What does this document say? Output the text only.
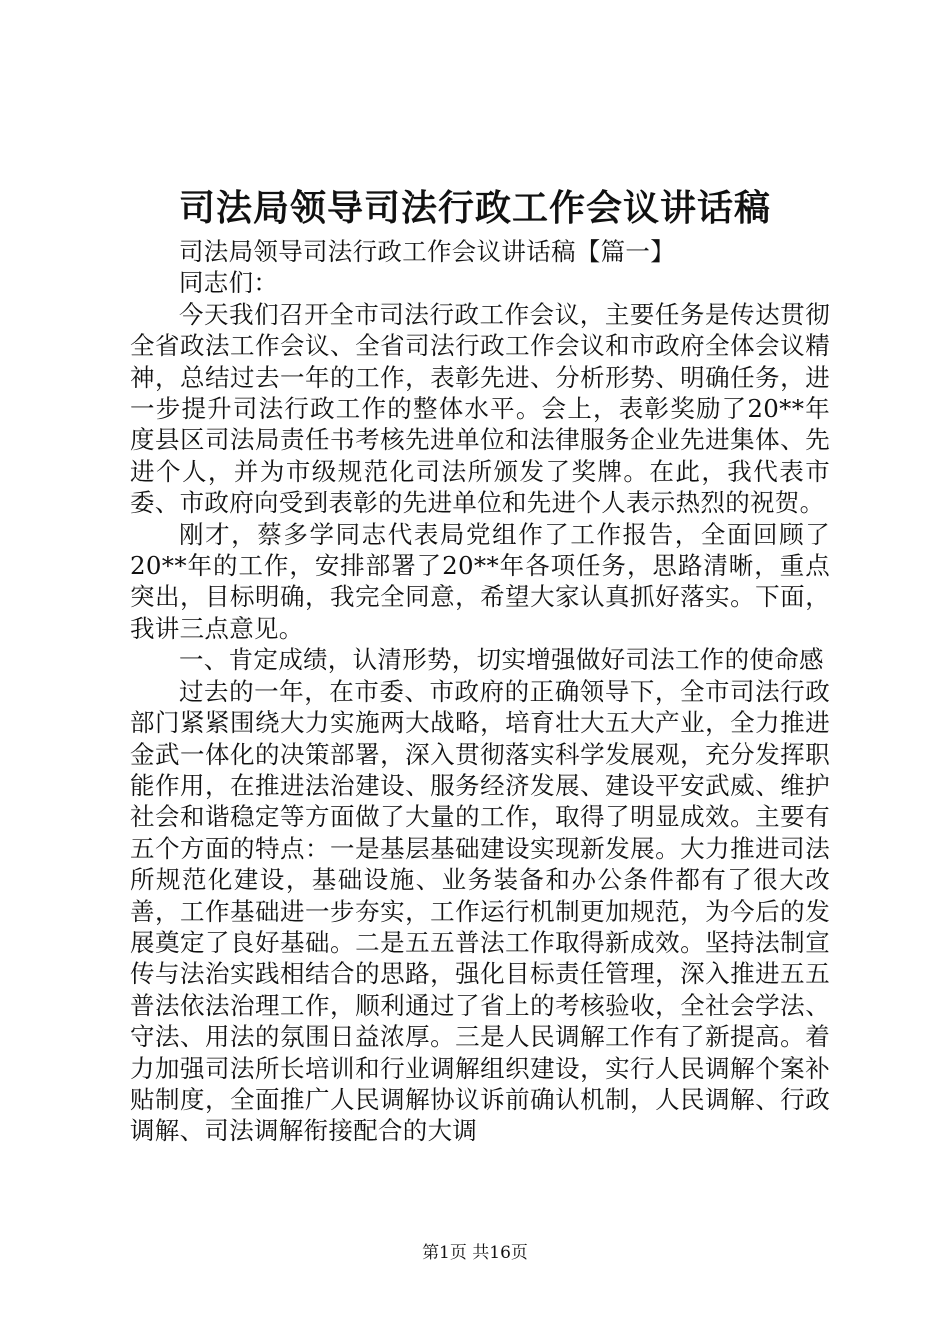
司法局领导司法行政工作会议讲话稿

司法局领导司法行政工作会议讲话稿【篇一】

同志们：

今天我们召开全市司法行政工作会议，主要任务是传达贯彻全省政法工作会议、全省司法行政工作会议和市政府全体会议精神，总结过去一年的工作，表彰先进、分析形势、明确任务，进一步提升司法行政工作的整体水平。会上，表彰奖励了20**年度县区司法局责任书考核先进单位和法律服务企业先进集体、先进个人，并为市级规范化司法所颁发了奖牌。在此，我代表市委、市政府向受到表彰的先进单位和先进个人表示热烈的祝贺。

刚才，蔡多学同志代表局党组作了工作报告，全面回顾了20**年的工作，安排部署了20**年各项任务，思路清晰，重点突出，目标明确，我完全同意，希望大家认真抓好落实。下面，我讲三点意见。

一、肯定成绩，认清形势，切实增强做好司法工作的使命感

过去的一年，在市委、市政府的正确领导下，全市司法行政部门紧紧围绕大力实施两大战略，培育壮大五大产业，全力推进金武一体化的决策部署，深入贯彻落实科学发展观，充分发挥职能作用，在推进法治建设、服务经济发展、建设平安武威、维护社会和谐稳定等方面做了大量的工作，取得了明显成效。主要有五个方面的特点：一是基层基础建设实现新发展。大力推进司法所规范化建设，基础设施、业务装备和办公条件都有了很大改善，工作基础进一步夯实，工作运行机制更加规范，为今后的发展奠定了良好基础。二是五五普法工作取得新成效。坚持法制宣传与法治实践相结合的思路，强化目标责任管理，深入推进五五普法依法治理工作，顺利通过了省上的考核验收，全社会学法、守法、用法的氛围日益浓厚。三是人民调解工作有了新提高。着力加强司法所长培训和行业调解组织建设，实行人民调解个案补贴制度，全面推广人民调解协议诉前确认机制，人民调解、行政调解、司法调解衔接配合的大调

第1页 共16页
